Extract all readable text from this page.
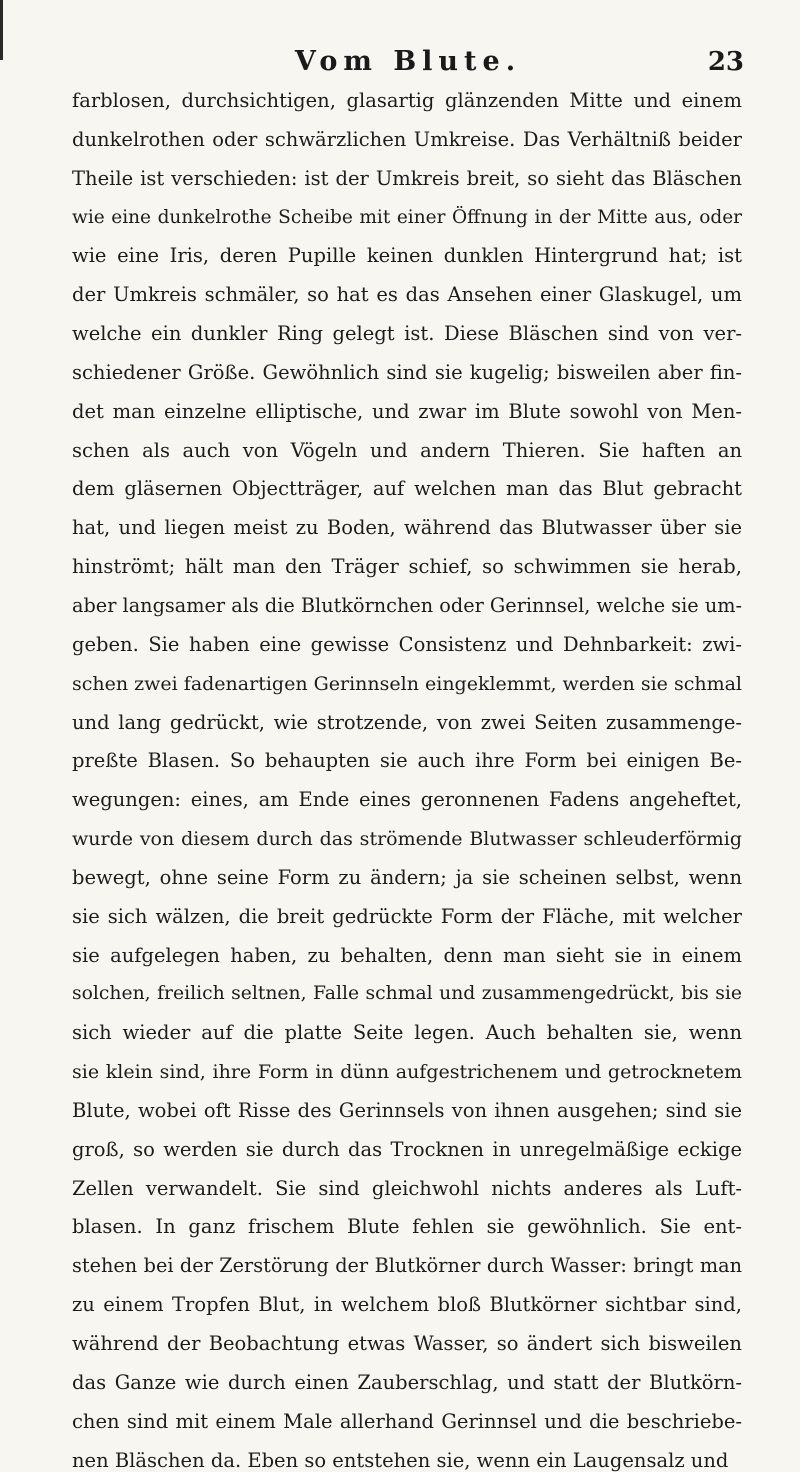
Vom Blute.	23
farblosen, durchsichtigen, glasartig glänzenden Mitte und einem
dunkelrothen oder schwärzlichen Umkreise. Das Verhältniß beider
Theile ist verschieden: ist der Umkreis breit, so sieht das Bläschen
wie eine dunkelrothe Scheibe mit einer Öffnung in der Mitte aus, oder
wie eine Iris, deren Pupille keinen dunklen Hintergrund hat; ist
der Umkreis schmäler, so hat es das Ansehen einer Glaskugel, um
welche ein dunkler Ring gelegt ist. Diese Bläschen sind von ver-
schiedener Größe. Gewöhnlich sind sie kugelig; bisweilen aber fin-
det man einzelne elliptische, und zwar im Blute sowohl von Men-
schen als auch von Vögeln und andern Thieren. Sie haften an
dem gläsernen Objectträger, auf welchen man das Blut gebracht
hat, und liegen meist zu Boden, während das Blutwasser über sie
hinströmt; hält man den Träger schief, so schwimmen sie herab,
aber langsamer als die Blutkörnchen oder Gerinnsel, welche sie um-
geben. Sie haben eine gewisse Consistenz und Dehnbarkeit: zwi-
schen zwei fadenartigen Gerinnseln eingeklemmt, werden sie schmal
und lang gedrückt, wie strotzende, von zwei Seiten zusammenge-
preßte Blasen. So behaupten sie auch ihre Form bei einigen Be-
wegungen: eines, am Ende eines geronnenen Fadens angeheftet,
wurde von diesem durch das strömende Blutwasser schleuderförmig
bewegt, ohne seine Form zu ändern; ja sie scheinen selbst, wenn
sie sich wälzen, die breit gedrückte Form der Fläche, mit welcher
sie aufgelegen haben, zu behalten, denn man sieht sie in einem
solchen, freilich seltnen, Falle schmal und zusammengedrückt, bis sie
sich wieder auf die platte Seite legen. Auch behalten sie, wenn
sie klein sind, ihre Form in dünn aufgestrichenem und getrocknetem
Blute, wobei oft Risse des Gerinnsels von ihnen ausgehen; sind sie
groß, so werden sie durch das Trocknen in unregelmäßige eckige
Zellen verwandelt. Sie sind gleichwohl nichts anderes als Luft-
blasen. In ganz frischem Blute fehlen sie gewöhnlich. Sie ent-
stehen bei der Zerstörung der Blutkörner durch Wasser: bringt man
zu einem Tropfen Blut, in welchem bloß Blutkörner sichtbar sind,
während der Beobachtung etwas Wasser, so ändert sich bisweilen
das Ganze wie durch einen Zauberschlag, und statt der Blutkörn-
chen sind mit einem Male allerhand Gerinnsel und die beschriebe-
nen Bläschen da. Eben so entstehen sie, wenn ein Laugensalz und
